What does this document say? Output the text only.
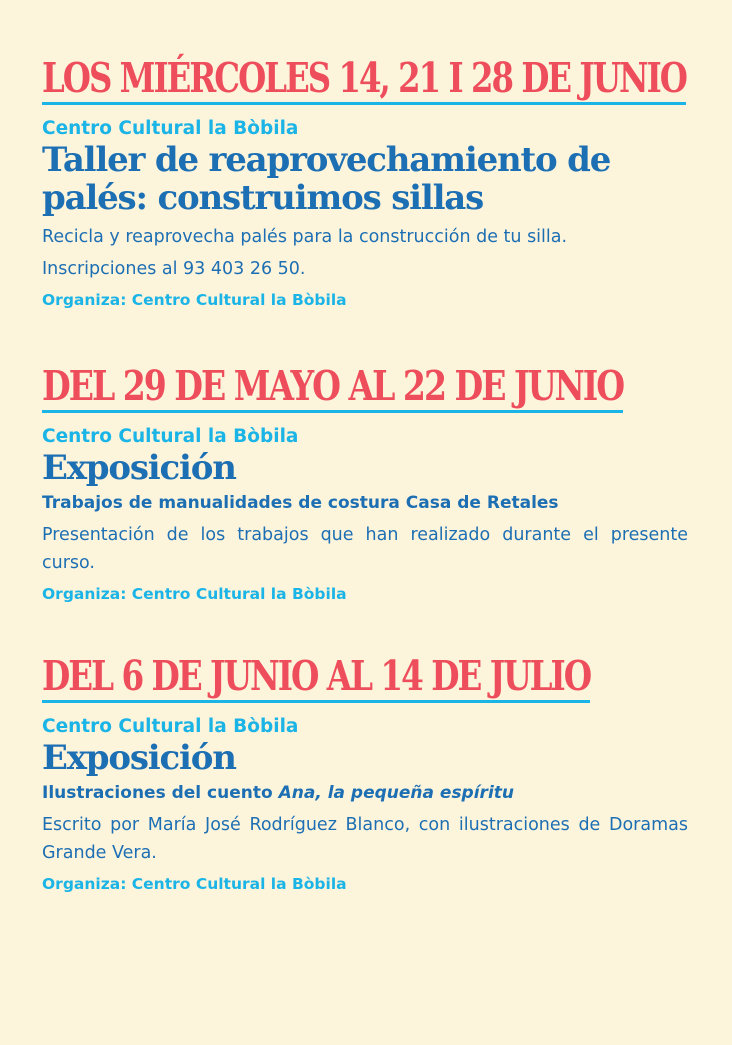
LOS MIÉRCOLES 14, 21 I 28 DE JUNIO
Centro Cultural la Bòbila
Taller de reaprovechamiento de palés: construimos sillas
Recicla y reaprovecha palés para la construcción de tu silla.
Inscripciones al 93 403 26 50.
Organiza: Centro Cultural la Bòbila
DEL 29 DE MAYO AL 22 DE JUNIO
Centro Cultural la Bòbila
Exposición
Trabajos de manualidades de costura Casa de Retales
Presentación de los trabajos que han realizado durante el presente curso.
Organiza: Centro Cultural la Bòbila
DEL 6 DE JUNIO AL 14 DE JULIO
Centro Cultural la Bòbila
Exposición
Ilustraciones del cuento Ana, la pequeña espíritu
Escrito por María José Rodríguez Blanco, con ilustraciones de Doramas Grande Vera.
Organiza: Centro Cultural la Bòbila
